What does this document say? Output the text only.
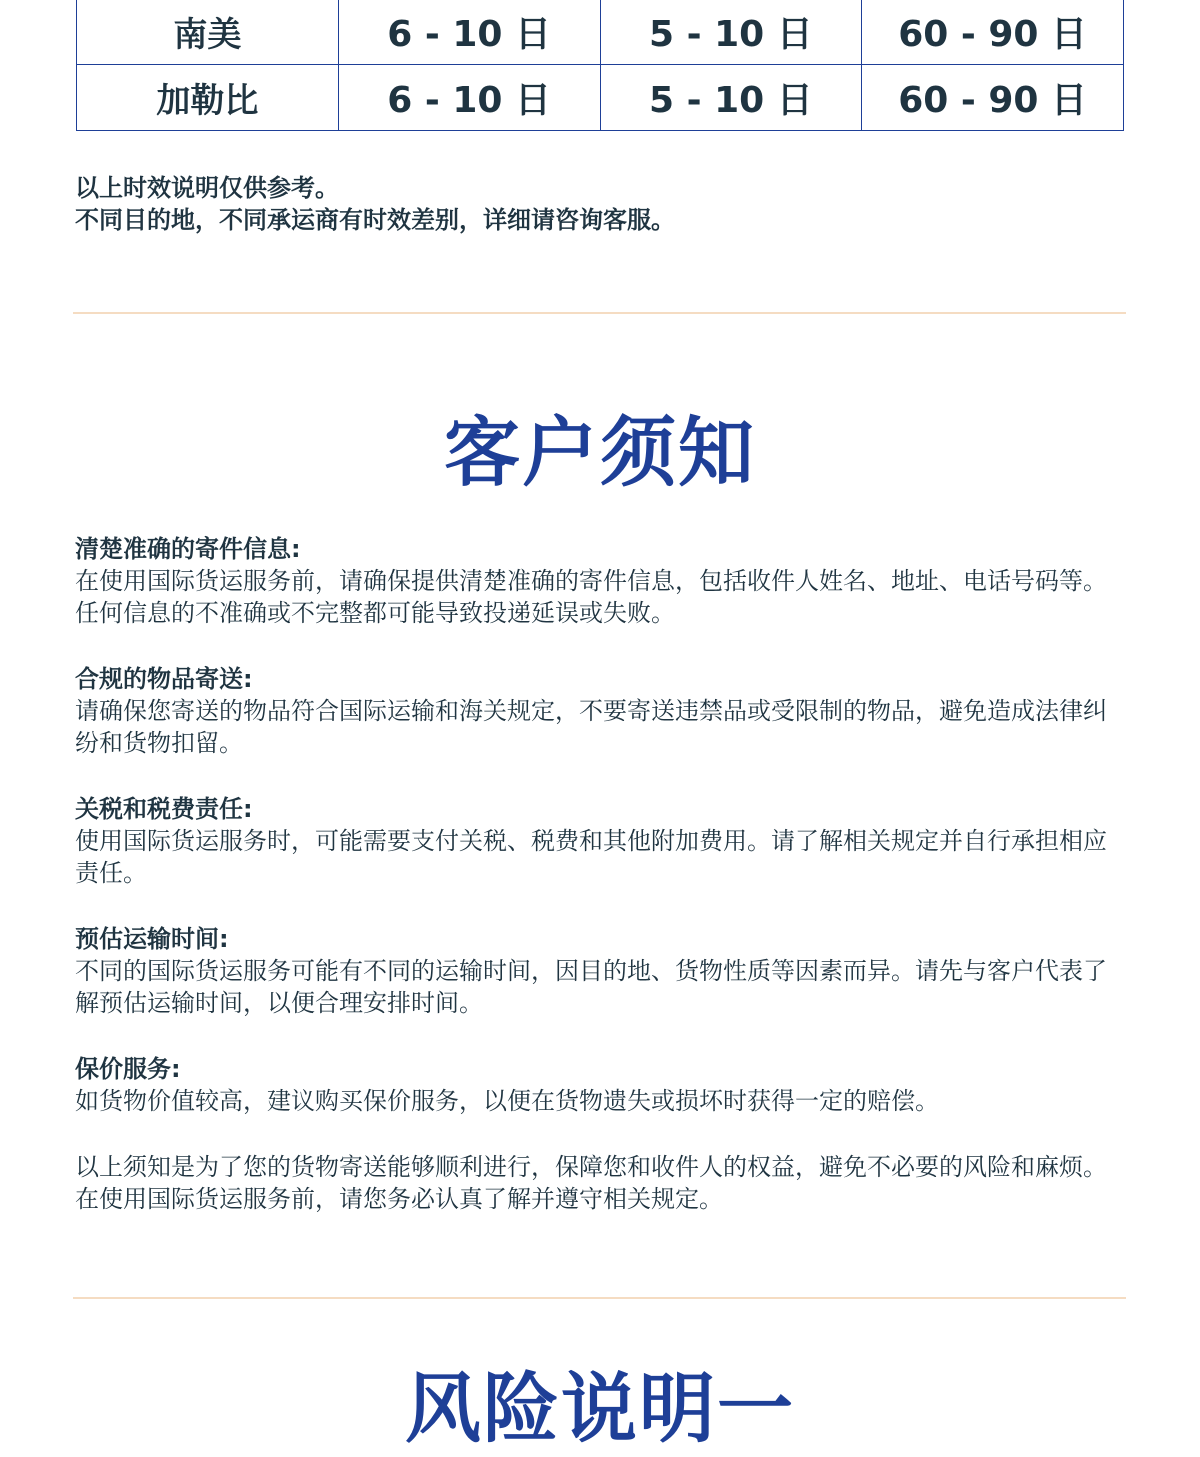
南美	6 - 10 日	5 - 10 日	60 - 90 日
加勒比	6 - 10 日	5 - 10 日	60 - 90 日
以上时效说明仅供参考。
不同目的地，不同承运商有时效差别，详细请咨询客服。
客户须知
清楚准确的寄件信息:
在使用国际货运服务前，请确保提供清楚准确的寄件信息，包括收件人姓名、地址、电话号码等。任何信息的不准确或不完整都可能导致投递延误或失败。
合规的物品寄送:
请确保您寄送的物品符合国际运输和海关规定，不要寄送违禁品或受限制的物品，避免造成法律纠纷和货物扣留。
关税和税费责任:
使用国际货运服务时，可能需要支付关税、税费和其他附加费用。请了解相关规定并自行承担相应责任。
预估运输时间:
不同的国际货运服务可能有不同的运输时间，因目的地、货物性质等因素而异。请先与客户代表了解预估运输时间，以便合理安排时间。
保价服务:
如货物价值较高，建议购买保价服务，以便在货物遗失或损坏时获得一定的赔偿。
以上须知是为了您的货物寄送能够顺利进行，保障您和收件人的权益，避免不必要的风险和麻烦。在使用国际货运服务前，请您务必认真了解并遵守相关规定。
风险说明一
